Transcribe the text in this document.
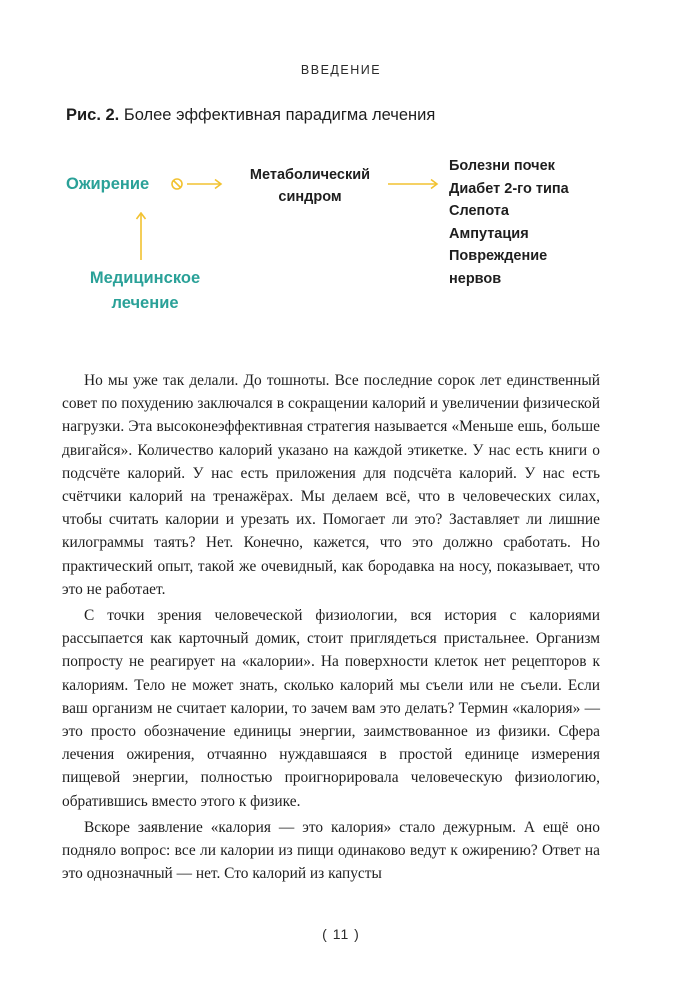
ВВЕДЕНИЕ
Рис. 2. Более эффективная парадигма лечения
Ожирение	Метаболический
синдром
Болезни почек
Диабет 2-го типа
Слепота
Ампутация
Повреждение
нервов
Медицинское
лечение

Но мы уже так делали. До тошноты. Все последние сорок лет единственный совет по похудению заключался в сокращении калорий и увеличении физической нагрузки. Эта высоконеэффективная стратегия называется «Меньше ешь, больше двигайся». Количество калорий указано на каждой этикетке. У нас есть книги о подсчёте калорий. У нас есть приложения для подсчёта калорий. У нас есть счётчики калорий на тренажёрах. Мы делаем всё, что в человеческих силах, чтобы считать калории и урезать их. Помогает ли это? Заставляет ли лишние килограммы таять? Нет. Конечно, кажется, что это должно сработать. Но практический опыт, такой же очевидный, как бородавка на носу, показывает, что это не работает.

С точки зрения человеческой физиологии, вся история с калориями рассыпается как карточный домик, стоит приглядеться пристальнее. Организм попросту не реагирует на «калории». На поверхности клеток нет рецепторов к калориям. Тело не может знать, сколько калорий мы съели или не съели. Если ваш организм не считает калории, то зачем вам это делать? Термин «калория» — это просто обозначение единицы энергии, заимствованное из физики. Сфера лечения ожирения, отчаянно нуждавшаяся в простой единице измерения пищевой энергии, полностью проигнорировала человеческую физиологию, обратившись вместо этого к физике.

Вскоре заявление «калория — это калория» стало дежурным. А ещё оно подняло вопрос: все ли калории из пищи одинаково ведут к ожирению? Ответ на это однозначный — нет. Сто калорий из капусты

( 11 )
